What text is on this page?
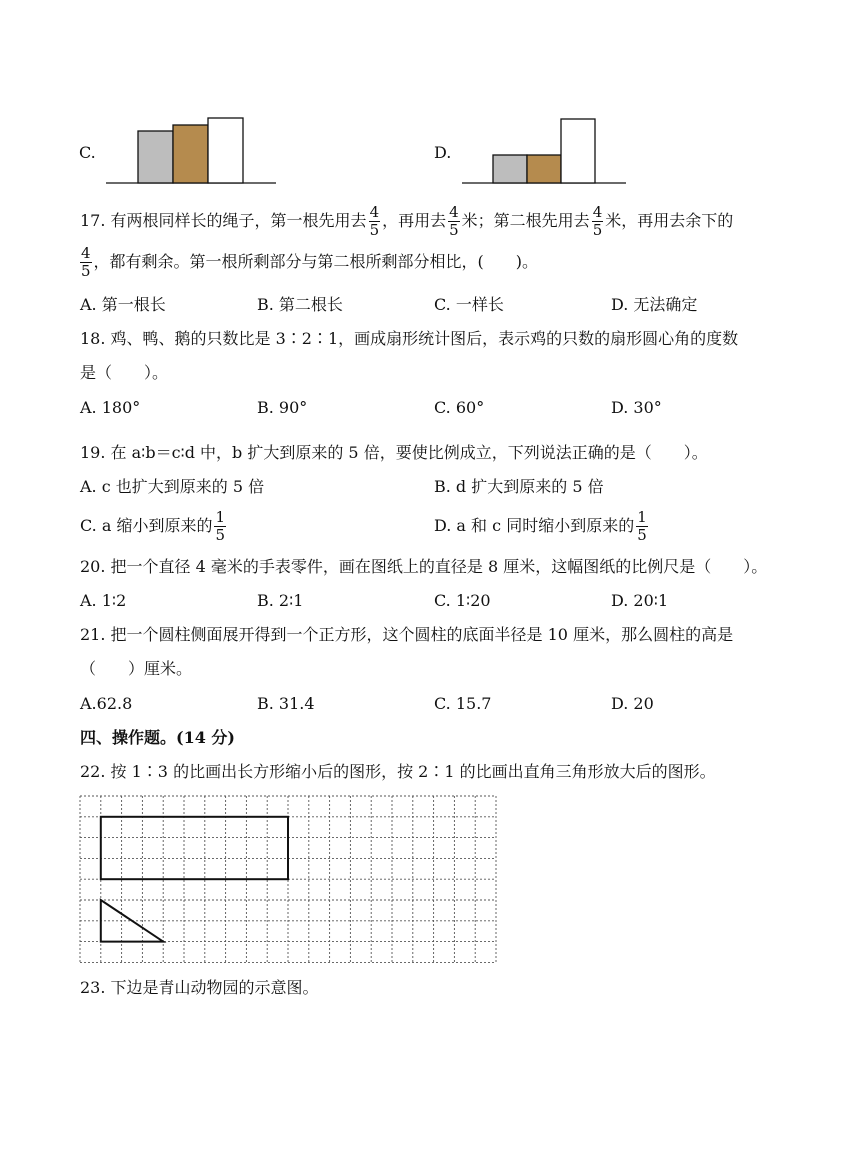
C.	D.
17. 有两根同样长的绳子，第一根先用去 $\frac{4}{5}$ ，再用去 $\frac{4}{5}$ 米；第二根先用去 $\frac{4}{5}$ 米，再用去余下的
$\frac{4}{5}$ ，都有剩余。第一根所剩部分与第二根所剩部分相比，(　　)。
A. 第一根长	B. 第二根长	C. 一样长	D. 无法确定
18. 鸡、鸭、鹅的只数比是 3∶2∶1，画成扇形统计图后，表示鸡的只数的扇形圆心角的度数
是（　　）。
A. 180°	B. 90°	C. 60°	D. 30°
19. 在 a∶b＝c∶d 中，b 扩大到原来的 5 倍，要使比例成立，下列说法正确的是（　　）。
A. c 也扩大到原来的 5 倍	B. d 扩大到原来的 5 倍
C. a 缩小到原来的 $\frac{1}{5}$	D. a 和 c 同时缩小到原来的 $\frac{1}{5}$
20. 把一个直径 4 毫米的手表零件，画在图纸上的直径是 8 厘米，这幅图纸的比例尺是（　　）。
A. 1∶2	B. 2∶1	C. 1∶20	D. 20∶1
21. 把一个圆柱侧面展开得到一个正方形，这个圆柱的底面半径是 10 厘米，那么圆柱的高是
（　　）厘米。
A.62.8	B. 31.4	C. 15.7	D. 20
四、操作题。(14 分)
22. 按 1∶3 的比画出长方形缩小后的图形，按 2∶1 的比画出直角三角形放大后的图形。
23. 下边是青山动物园的示意图。
